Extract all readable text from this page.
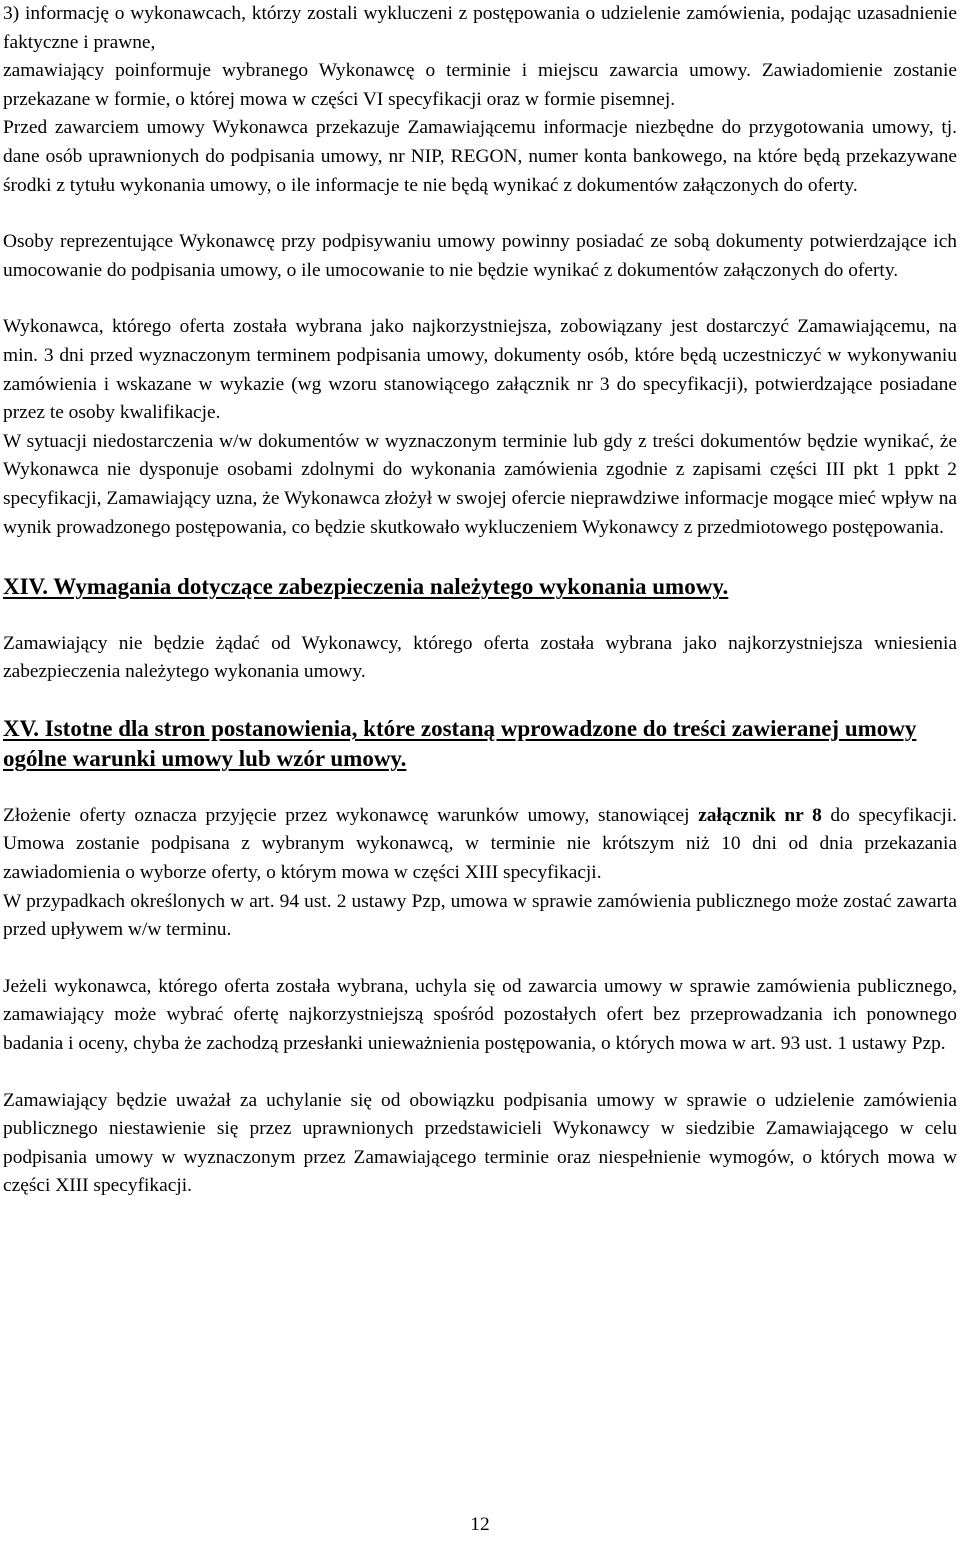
3) informację o wykonawcach, którzy zostali wykluczeni z postępowania o udzielenie zamówienia, podając uzasadnienie faktyczne i prawne,

zamawiający poinformuje wybranego Wykonawcę o terminie i miejscu zawarcia umowy. Zawiadomienie zostanie przekazane w formie, o której mowa w części VI specyfikacji oraz w formie pisemnej.

Przed zawarciem umowy Wykonawca przekazuje Zamawiającemu informacje niezbędne do przygotowania umowy, tj. dane osób uprawnionych do podpisania umowy, nr NIP, REGON, numer konta bankowego, na które będą przekazywane środki z tytułu wykonania umowy, o ile informacje te nie będą wynikać z dokumentów załączonych do oferty.

Osoby reprezentujące Wykonawcę przy podpisywaniu umowy powinny posiadać ze sobą dokumenty potwierdzające ich umocowanie do podpisania umowy, o ile umocowanie to nie będzie wynikać z dokumentów załączonych do oferty.

Wykonawca, którego oferta została wybrana jako najkorzystniejsza, zobowiązany jest dostarczyć Zamawiającemu, na min. 3 dni przed wyznaczonym terminem podpisania umowy, dokumenty osób, które będą uczestniczyć w wykonywaniu zamówienia i wskazane w wykazie (wg wzoru stanowiącego załącznik nr 3 do specyfikacji), potwierdzające posiadane przez te osoby kwalifikacje.

W sytuacji niedostarczenia w/w dokumentów w wyznaczonym terminie lub gdy z treści dokumentów będzie wynikać, że Wykonawca nie dysponuje osobami zdolnymi do wykonania zamówienia zgodnie z zapisami części III pkt 1 ppkt 2 specyfikacji, Zamawiający uzna, że Wykonawca złożył w swojej ofercie nieprawdziwe informacje mogące mieć wpływ na wynik prowadzonego postępowania, co będzie skutkowało wykluczeniem Wykonawcy z przedmiotowego postępowania.

XIV. Wymagania dotyczące zabezpieczenia należytego wykonania umowy.

Zamawiający nie będzie żądać od Wykonawcy, którego oferta została wybrana jako najkorzystniejsza wniesienia zabezpieczenia należytego wykonania umowy.

XV. Istotne dla stron postanowienia, które zostaną wprowadzone do treści zawieranej umowy ogólne warunki umowy lub wzór umowy.

Złożenie oferty oznacza przyjęcie przez wykonawcę warunków umowy, stanowiącej załącznik nr 8 do specyfikacji. Umowa zostanie podpisana z wybranym wykonawcą, w terminie nie krótszym niż 10 dni od dnia przekazania zawiadomienia o wyborze oferty, o którym mowa w części XIII specyfikacji.

W przypadkach określonych w art. 94 ust. 2 ustawy Pzp, umowa w sprawie zamówienia publicznego może zostać zawarta przed upływem w/w terminu.

Jeżeli wykonawca, którego oferta została wybrana, uchyla się od zawarcia umowy w sprawie zamówienia publicznego, zamawiający może wybrać ofertę najkorzystniejszą spośród pozostałych ofert bez przeprowadzania ich ponownego badania i oceny, chyba że zachodzą przesłanki unieważnienia postępowania, o których mowa w art. 93 ust. 1 ustawy Pzp.

Zamawiający będzie uważał za uchylanie się od obowiązku podpisania umowy w sprawie o udzielenie zamówienia publicznego niestawienie się przez uprawnionych przedstawicieli Wykonawcy w siedzibie Zamawiającego w celu podpisania umowy w wyznaczonym przez Zamawiającego terminie oraz niespełnienie wymogów, o których mowa w części XIII specyfikacji.

12
